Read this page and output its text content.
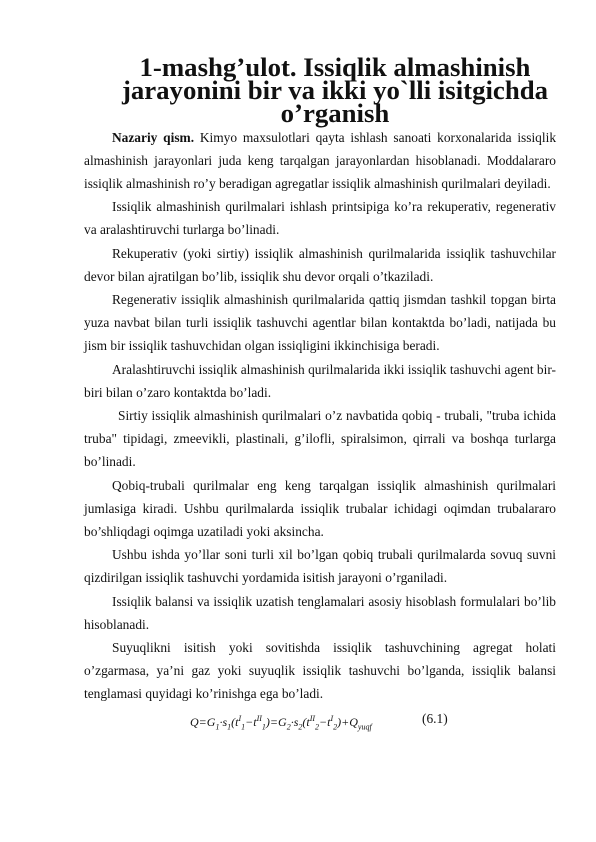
1-mashg’ulot. Issiqlik almashinish jarayonini bir va ikki yo`lli isitgichda
o’rganish

Nazariy qism. Kimyo maxsulotlari qayta ishlash sanoati korxonalarida issiqlik almashinish jarayonlari juda keng tarqalgan jarayonlardan hisoblanadi. Moddalararo issiqlik almashinish ro’y beradigan agregatlar issiqlik almashinish qurilmalari deyiladi.

Issiqlik almashinish qurilmalari ishlash printsipiga ko’ra rekuperativ, regenerativ va aralashtiruvchi turlarga bo’linadi.

Rekuperativ (yoki sirtiy) issiqlik almashinish qurilmalarida issiqlik tashuvchilar devor bilan ajratilgan bo’lib, issiqlik shu devor orqali o’tkaziladi.

Regenerativ issiqlik almashinish qurilmalarida qattiq jismdan tashkil topgan birta yuza navbat bilan turli issiqlik tashuvchi agentlar bilan kontaktda bo’ladi, natijada bu jism bir issiqlik tashuvchidan olgan issiqligini ikkinchisiga beradi.

Aralashtiruvchi issiqlik almashinish qurilmalarida ikki issiqlik tashuvchi agent bir-biri bilan o’zaro kontaktda bo’ladi.

Sirtiy issiqlik almashinish qurilmalari o’z navbatida qobiq - trubali, "truba ichida truba" tipidagi, zmeevikli, plastinali, g’ilofli, spiralsimon, qirrali va boshqa turlarga bo’linadi.

Qobiq-trubali qurilmalar eng keng tarqalgan issiqlik almashinish qurilmalari jumlasiga kiradi. Ushbu qurilmalarda issiqlik trubalar ichidagi oqimdan trubalararo bo’shliqdagi oqimga uzatiladi yoki aksincha.

Ushbu ishda yo’llar soni turli xil bo’lgan qobiq trubali qurilmalarda sovuq suvni qizdirilgan issiqlik tashuvchi yordamida isitish jarayoni o’rganiladi.

Issiqlik balansi va issiqlik uzatish tenglamalari asosiy hisoblash formulalari bo’lib hisoblanadi.

Suyuqlikni isitish yoki sovitishda issiqlik tashuvchining agregat holati o’zgarmasa, ya’ni gaz yoki suyuqlik issiqlik tashuvchi bo’lganda, issiqlik balansi tenglamasi quyidagi ko’rinishga ega bo’ladi.

$Q=G_1\cdot s_1(t^I_1-t^{II}_1)=G_2\cdot s_2(t^{II}_2-t^I_2)+Q_{yuqf}$
(6.1)
